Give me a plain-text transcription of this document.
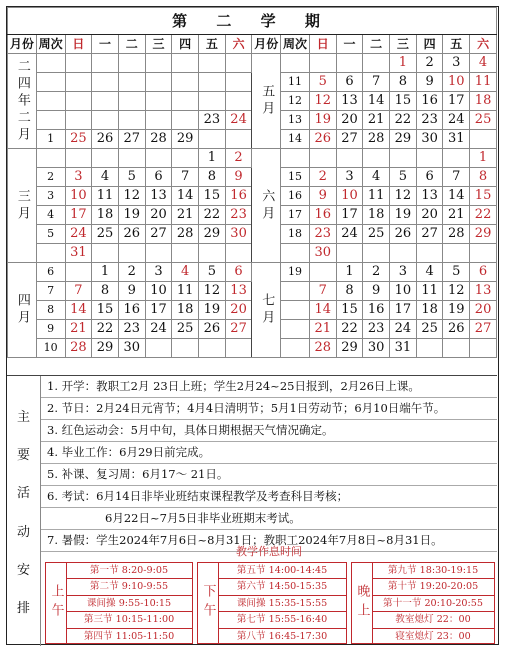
第 二 学 期																	
月份	周次	日	一	二	三	四	五	六	月份	周次	日	一	二	三	四	五	六
二四年二月									五月					1	2	3	4
										11	5	6	7	8	9	10	11
										12	12	13	14	15	16	17	18
							23	24		13	19	20	21	22	23	24	25
	1	25	26	27	28	29				14	26	27	28	29	30	31	
三月							1	2	六月								1
	2	3	4	5	6	7	8	9		15	2	3	4	5	6	7	8
	3	10	11	12	13	14	15	16		16	9	10	11	12	13	14	15
	4	17	18	19	20	21	22	23		17	16	17	18	19	20	21	22
	5	24	25	26	27	28	29	30		18	23	24	25	26	27	28	29
		31									30						
四月	6		1	2	3	4	5	6	七月	19		1	2	3	4	5	6
	7	7	8	9	10	11	12	13			7	8	9	10	11	12	13
	8	14	15	16	17	18	19	20			14	15	16	17	18	19	20
	9	21	22	23	24	25	26	27			21	22	23	24	25	26	27
	10	28	29	30							28	29	30	31			
主
要
活
动
安
排
1. 开学：教职工2月 23日上班；学生2月24~25日报到，2月26日上课。
2. 节日：2月24日元宵节；4月4日清明节；5月1日劳动节；6月10日端午节。
3. 红色运动会：5月中旬，具体日期根据天气情况确定。
4. 毕业工作：6月29日前完成。
5. 补课、复习周：6月17～ 21日。
6. 考试：6月14日非毕业班结束课程教学及考查科目考核；
6月22日~7月5日非毕业班期末考试。
7. 暑假：学生2024年7月6日~8月31日；教职工2024年7月8日~8月31日。
教学作息时间
上午
第一节 8:20-9:05
第二节 9:10-9:55
课间操 9:55-10:15
第三节 10:15-11:00
第四节 11:05-11:50
下午
第五节 14:00-14:45
第六节 14:50-15:35
课间操 15:35-15:55
第七节 15:55-16:40
第八节 16:45-17:30
晚上
第九节 18:30-19:15
第十节 19:20-20:05
第十一节 20:10-20:55
教室熄灯 22：00
寝室熄灯 23：00
